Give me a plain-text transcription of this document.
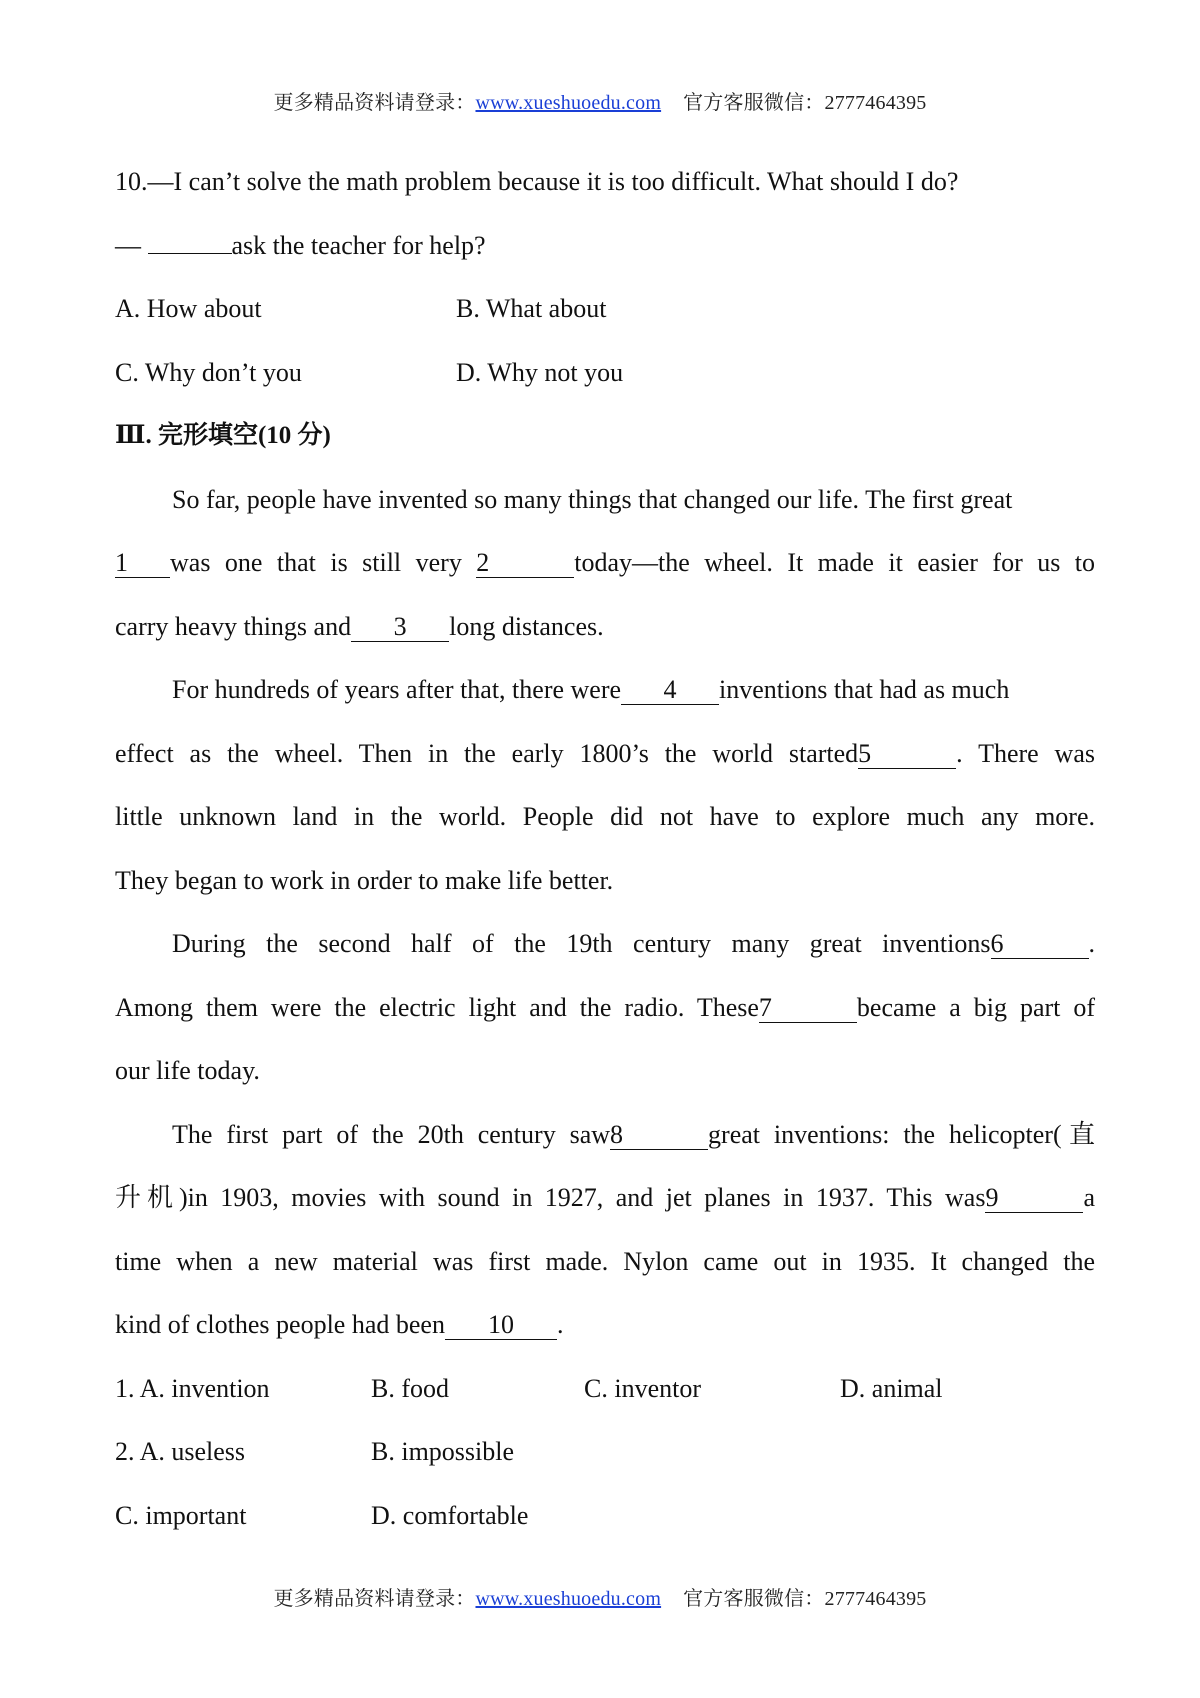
更多精品资料请登录：www.xueshuoedu.com 官方客服微信：2777464395
10.—I can’t solve the math problem because it is too difficult. What should I do?
—	ask the teacher for help?
A. How about	B. What about
C. Why don’t you	D. Why not you
Ⅲ. 完形填空(10 分)
So far, people have invented so many things that changed our life. The first great
1 was one that is still very 2	today—the wheel. It made it easier for us to
carry heavy things and 3 long distances.
For hundreds of years after that, there were 4 inventions that had as much
effect as the wheel. Then in the early 1800’s the world started5	. There was
little unknown land in the world. People did not have to explore much any more.
They began to work in order to make life better.
During the second half of the 19th century many great inventions6	.
Among them were the electric light and the radio. These7	became a big part of
our life today.
The first part of the 20th century saw8	great inventions: the helicopter(直
升机)in 1903, movies with sound in 1927, and jet planes in 1937. This was9	a
time when a new material was first made. Nylon came out in 1935. It changed the
kind of clothes people had been 10 .
1. A. invention	B. food	C. inventor	D. animal
2. A. useless	B. impossible
C. important	D. comfortable
更多精品资料请登录：www.xueshuoedu.com 官方客服微信：2777464395
